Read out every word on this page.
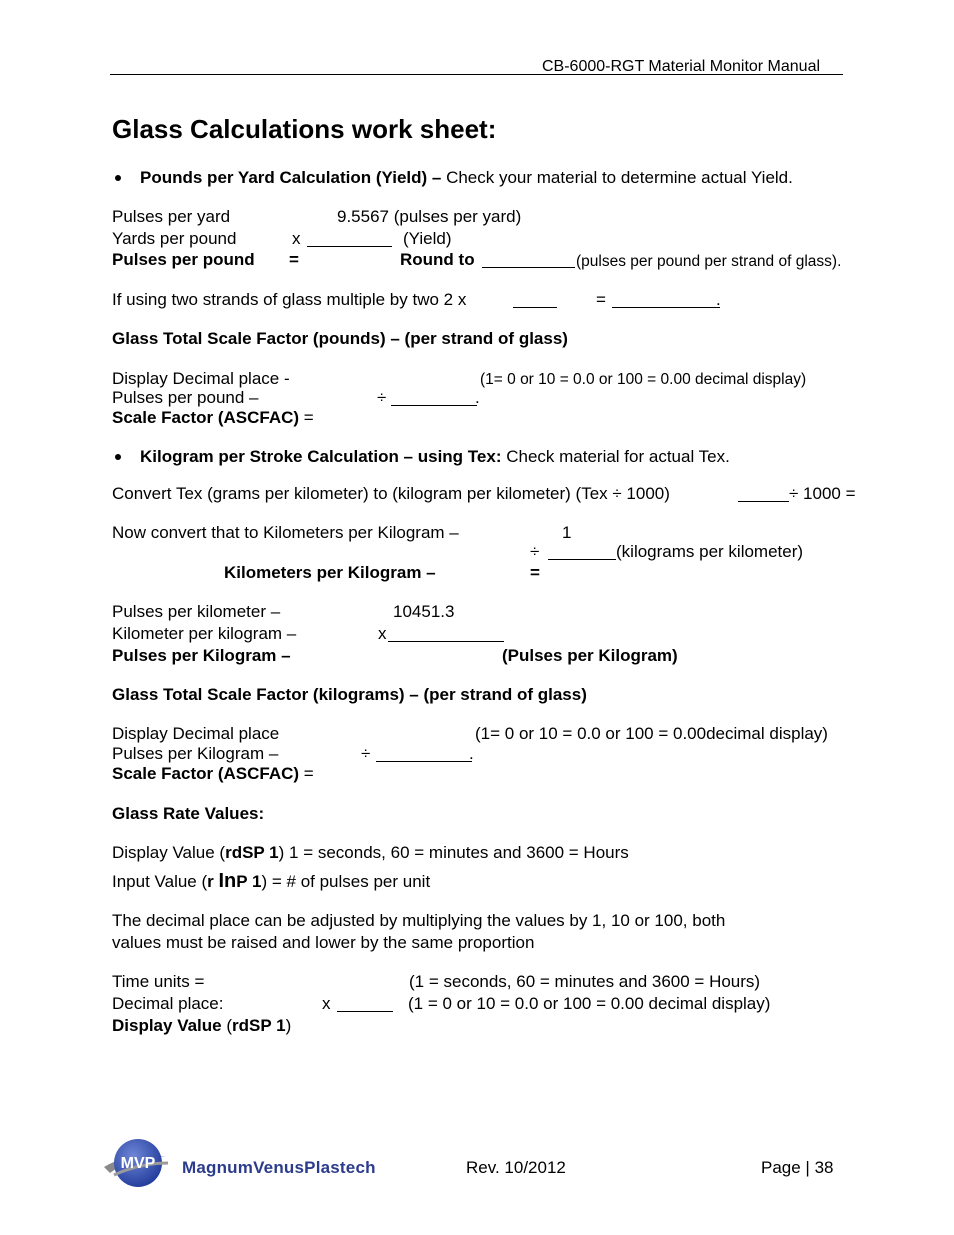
CB-6000-RGT Material Monitor Manual
Glass Calculations work sheet:
Pounds per Yard Calculation (Yield) – Check your material to determine actual Yield.
Pulses per yard	9.5567 (pulses per yard)
Yards per pound	x	(Yield)
Pulses per pound =	Round to	(pulses per pound per strand of glass).
If using two strands of glass multiple by two 2 x	=	.
Glass Total Scale Factor (pounds) – (per strand of glass)
Display Decimal place -	(1= 0 or 10 = 0.0 or 100 = 0.00 decimal display)
Pulses per pound –	÷	.
Scale Factor (ASCFAC) =
Kilogram per Stroke Calculation – using Tex: Check material for actual Tex.
Convert Tex (grams per kilometer) to (kilogram per kilometer) (Tex ÷ 1000)	÷ 1000 =
Now convert that to Kilometers per Kilogram –	1
÷	(kilograms per kilometer)
Kilometers per Kilogram –	=
Pulses per kilometer –	10451.3
Kilometer per kilogram –	x
Pulses per Kilogram –	(Pulses per Kilogram)
Glass Total Scale Factor (kilograms) – (per strand of glass)
Display Decimal place	(1= 0 or 10 = 0.0 or 100 = 0.00decimal display)
Pulses per Kilogram –	÷	.
Scale Factor (ASCFAC) =
Glass Rate Values:
Display Value (rdSP 1) 1 = seconds, 60 = minutes and 3600 = Hours
Input Value (r InP 1) = # of pulses per unit
The decimal place can be adjusted by multiplying the values by 1, 10 or 100, both
values must be raised and lower by the same proportion
Time units =	(1 = seconds, 60 = minutes and 3600 = Hours)
Decimal place:	x	(1 = 0 or 10 = 0.0 or 100 = 0.00 decimal display)
Display Value (rdSP 1)
MVP MagnumVenusPlastech	Rev. 10/2012	Page | 38
